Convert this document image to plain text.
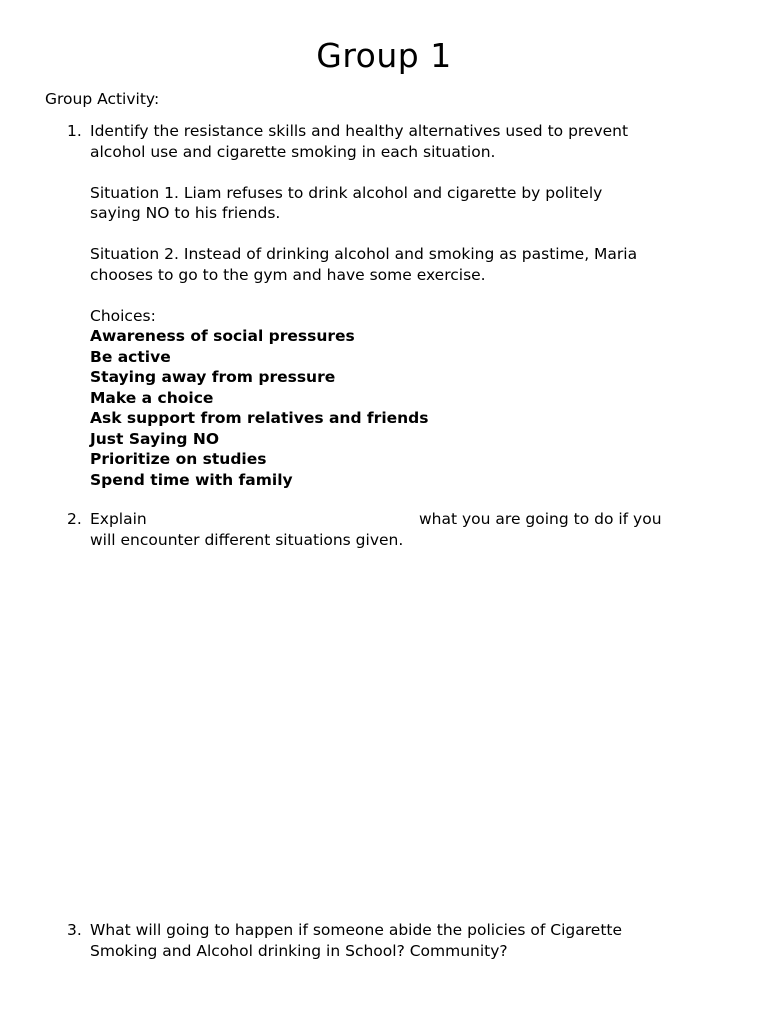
Group 1
Group Activity:
1. Identify the resistance skills and healthy alternatives used to prevent
alcohol use and cigarette smoking in each situation.
Situation 1. Liam refuses to drink alcohol and cigarette by politely
saying NO to his friends.
Situation 2. Instead of drinking alcohol and smoking as pastime, Maria
chooses to go to the gym and have some exercise.
Choices:
Awareness of social pressures
Be active
Staying away from pressure
Make a choice
Ask support from relatives and friends
Just Saying NO
Prioritize on studies
Spend time with family
2. Explain	what you are going to do if you
will encounter different situations given.
3. What will going to happen if someone abide the policies of Cigarette
Smoking and Alcohol drinking in School? Community?
